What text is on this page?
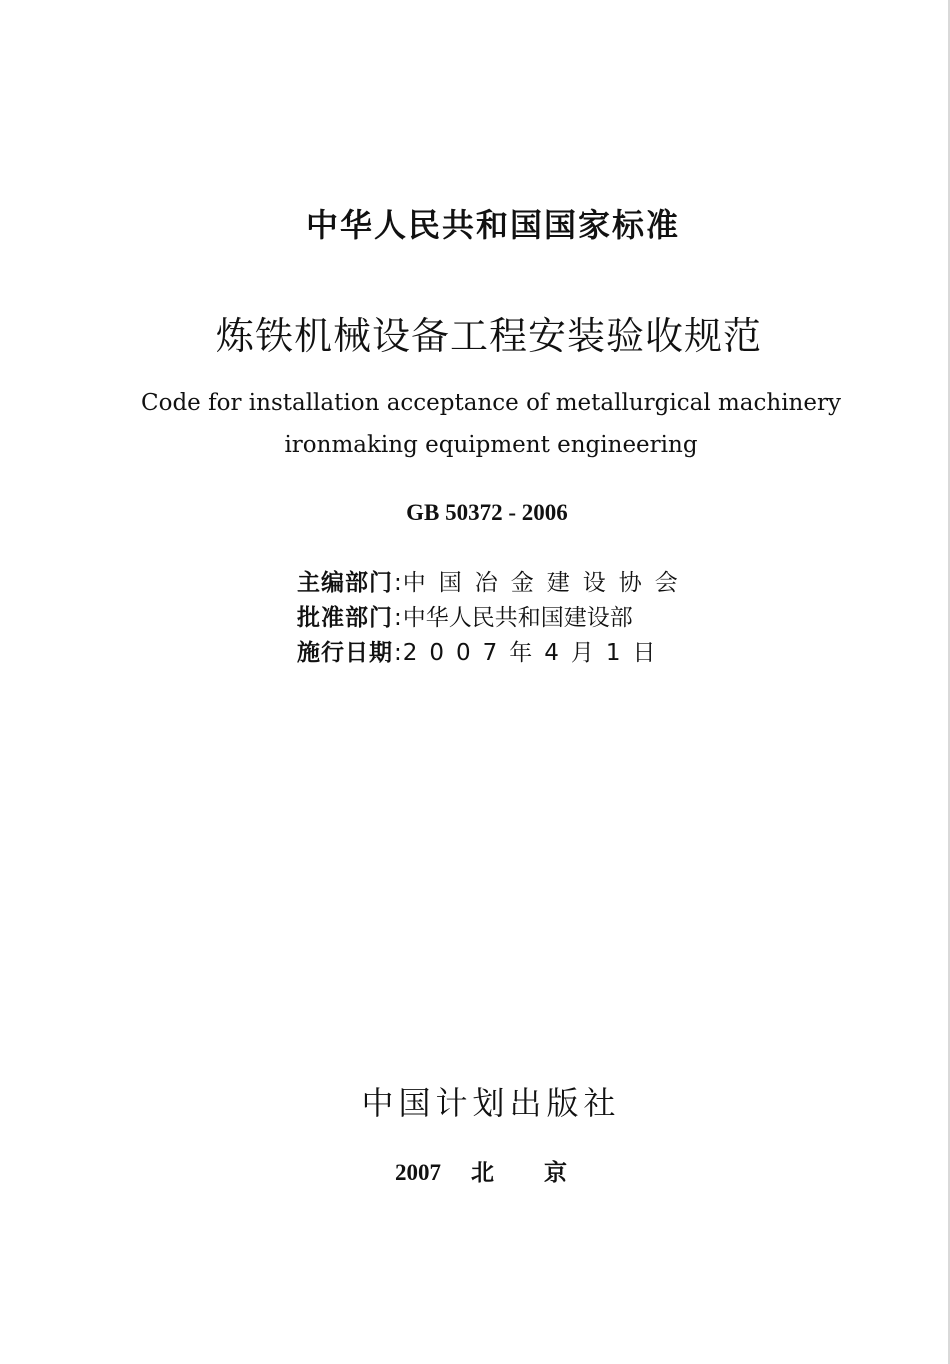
中华人民共和国国家标准
炼铁机械设备工程安装验收规范
Code for installation acceptance of metallurgical machinery
ironmaking equipment engineering
GB 50372 - 2006
主编部门:中国冶金建设协会
批准部门:中华人民共和国建设部
施行日期:2007年4月1日
中国计划出版社
2007 北京
